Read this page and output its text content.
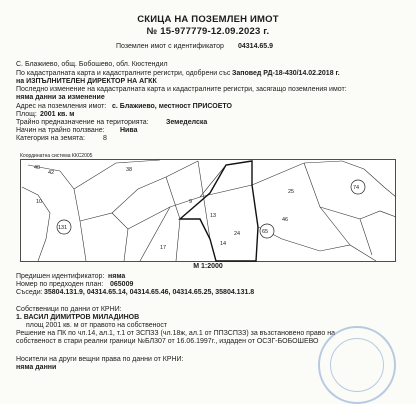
СКИЦА НА ПОЗЕМЛЕН ИМОТ
№ 15-977779-12.09.2023 г.
Поземлен имот с идентификатор 04314.65.9
С. Блажиево, общ. Бобошево, обл. Кюстендил
По кадастралната карта и кадастралните регистри, одобрени със Заповед РД-18-430/14.02.2018 г.
на ИЗПЪЛНИТЕЛЕН ДИРЕКТОР НА АГКК
Последно изменение на кадастралната карта и кадастралните регистри, засягащо поземления имот:
няма данни за изменение
Адрес на поземления имот: с. Блажиево, местност ПРИСОЕТО
Площ: 2001 кв. м
Трайно предназначение на територията: Земеделска
Начин на трайно ползване: Нива
Категория на земята:	8
Координатна система ККС2005
40
42
10
131
38
9
25
65
74
13
14
46
24
17
М 1:2000
Предишен идентификатор: няма
Номер по предходен план: 065009
Съседи: 35804.131.9, 04314.65.14, 04314.65.46, 04314.65.25, 35804.131.8
Собственици по данни от КРНИ:
1. ВАСИЛ ДИМИТРОВ МИЛАДИНОВ
площ 2001 кв. м от правото на собственост
Решение на ПК по чл.14, ал.1, т.1 от ЗСПЗЗ (чл.18ж, ал.1 от ППЗСПЗЗ) за възстановено право на
собственост в стари реални граници №БЛ307 от 16.06.1997г., издаден от ОСЗГ-БОБОШЕВО
Носители на други вещни права по данни от КРНИ:
няма данни
